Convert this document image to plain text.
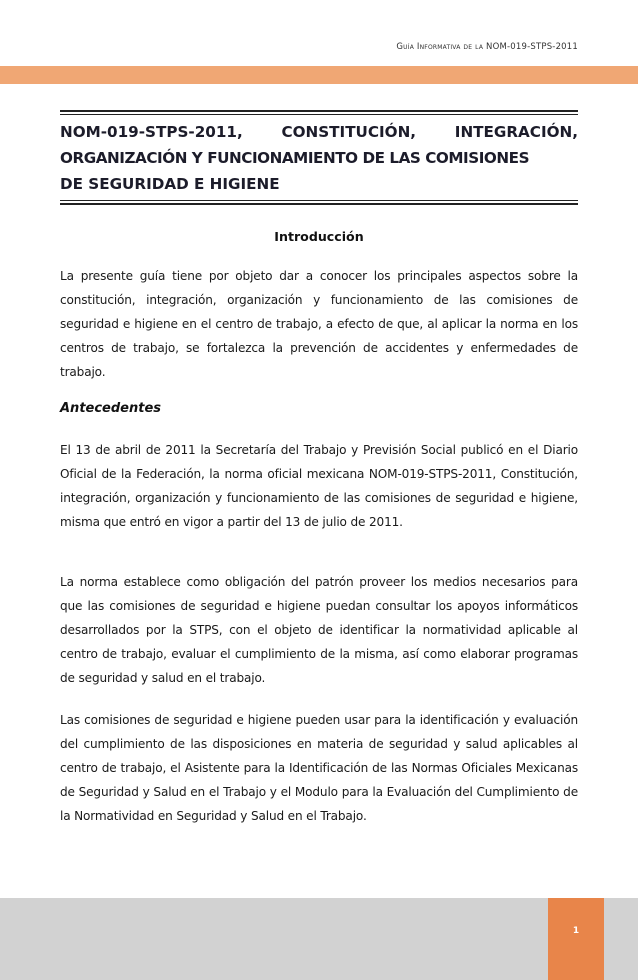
Guía Informativa de la NOM-019-STPS-2011
NOM-019-STPS-2011, CONSTITUCIÓN, INTEGRACIÓN,
ORGANIZACIÓN Y FUNCIONAMIENTO DE LAS COMISIONES
DE SEGURIDAD E HIGIENE
Introducción

La presente guía tiene por objeto dar a conocer los principales aspectos sobre la constitución, integración, organización y funcionamiento de las comisiones de seguridad e higiene en el centro de trabajo, a efecto de que, al aplicar la norma en los centros de trabajo, se fortalezca la prevención de accidentes y enfermedades de trabajo.

Antecedentes

El 13 de abril de 2011 la Secretaría del Trabajo y Previsión Social publicó en el Diario Oficial de la Federación, la norma oficial mexicana NOM-019-STPS-2011, Constitución, integración, organización y funcionamiento de las comisiones de seguridad e higiene, misma que entró en vigor a partir del 13 de julio de 2011.

La norma establece como obligación del patrón proveer los medios necesarios para que las comisiones de seguridad e higiene puedan consultar los apoyos informáticos desarrollados por la STPS, con el objeto de identificar la normatividad aplicable al centro de trabajo, evaluar el cumplimiento de la misma, así como elaborar programas de seguridad y salud en el trabajo.

Las comisiones de seguridad e higiene pueden usar para la identificación y evaluación del cumplimiento de las disposiciones en materia de seguridad y salud aplicables al centro de trabajo, el Asistente para la Identificación de las Normas Oficiales Mexicanas de Seguridad y Salud en el Trabajo y el Modulo para la Evaluación del Cumplimiento de la Normatividad en Seguridad y Salud en el Trabajo.

1
